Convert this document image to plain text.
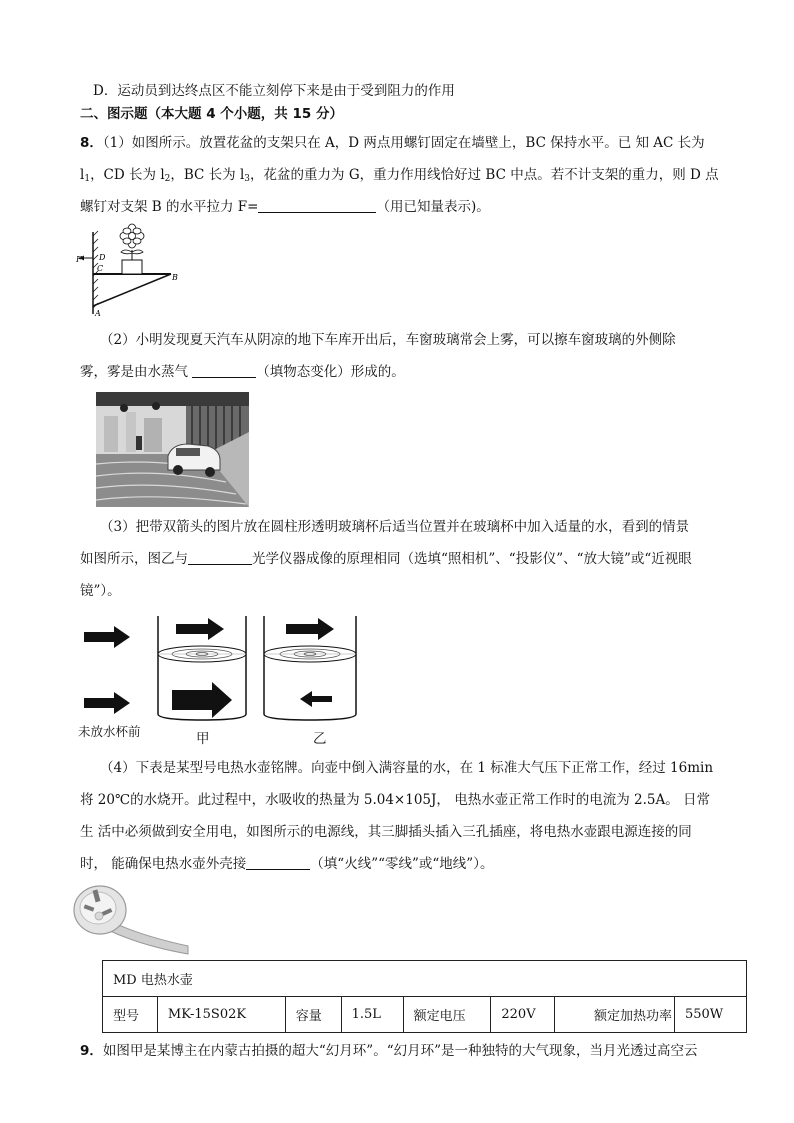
D．运动员到达终点区不能立刻停下来是由于受到阻力的作用
二、图示题（本大题 4 个小题，共 15 分）
8．（1）如图所示。放置花盆的支架只在 A，D 两点用螺钉固定在墙壁上，BC 保持水平。已 知 AC 长为
$l_1$，CD 长为 $l_2$，BC 长为 $l_3$，花盆的重力为 G，重力作用线恰好过 BC 中点。若不计支架的重力，则 D 点
螺钉对支架 B 的水平拉力 F=	（用已知量表示)。
F D
C
B
A
（2）小明发现夏天汽车从阴凉的地下车库开出后，车窗玻璃常会上雾，可以擦车窗玻璃的外侧除
雾，雾是由水蒸气	（填物态变化）形成的。
（3）把带双箭头的图片放在圆柱形透明玻璃杯后适当位置并在玻璃杯中加入适量的水，看到的情景
如图所示，图乙与	光学仪器成像的原理相同（选填“照相机”、“投影仪”、“放大镜”或“近视眼
镜”）。
未放水杯前	甲	乙
（4）下表是某型号电热水壶铭牌。向壶中倒入满容量的水，在 1 标准大气压下正常工作，经过 16min
将 20℃的水烧开。此过程中，水吸收的热量为 5.04×105J， 电热水壶正常工作时的电流为 2.5A。 日常
生 活中必须做到安全用电，如图所示的电源线，其三脚插头插入三孔插座，将电热水壶跟电源连接的同
时， 能确保电热水壶外壳接	（填“火线”“零线”或“地线”）。
MD 电热水壶
型号	MK-15S02K	容量	1.5L	额定电压	220V	额定加热功率	550W
9．如图甲是某博主在内蒙古拍摄的超大“幻月环”。“幻月环”是一种独特的大气现象，当月光透过高空云
